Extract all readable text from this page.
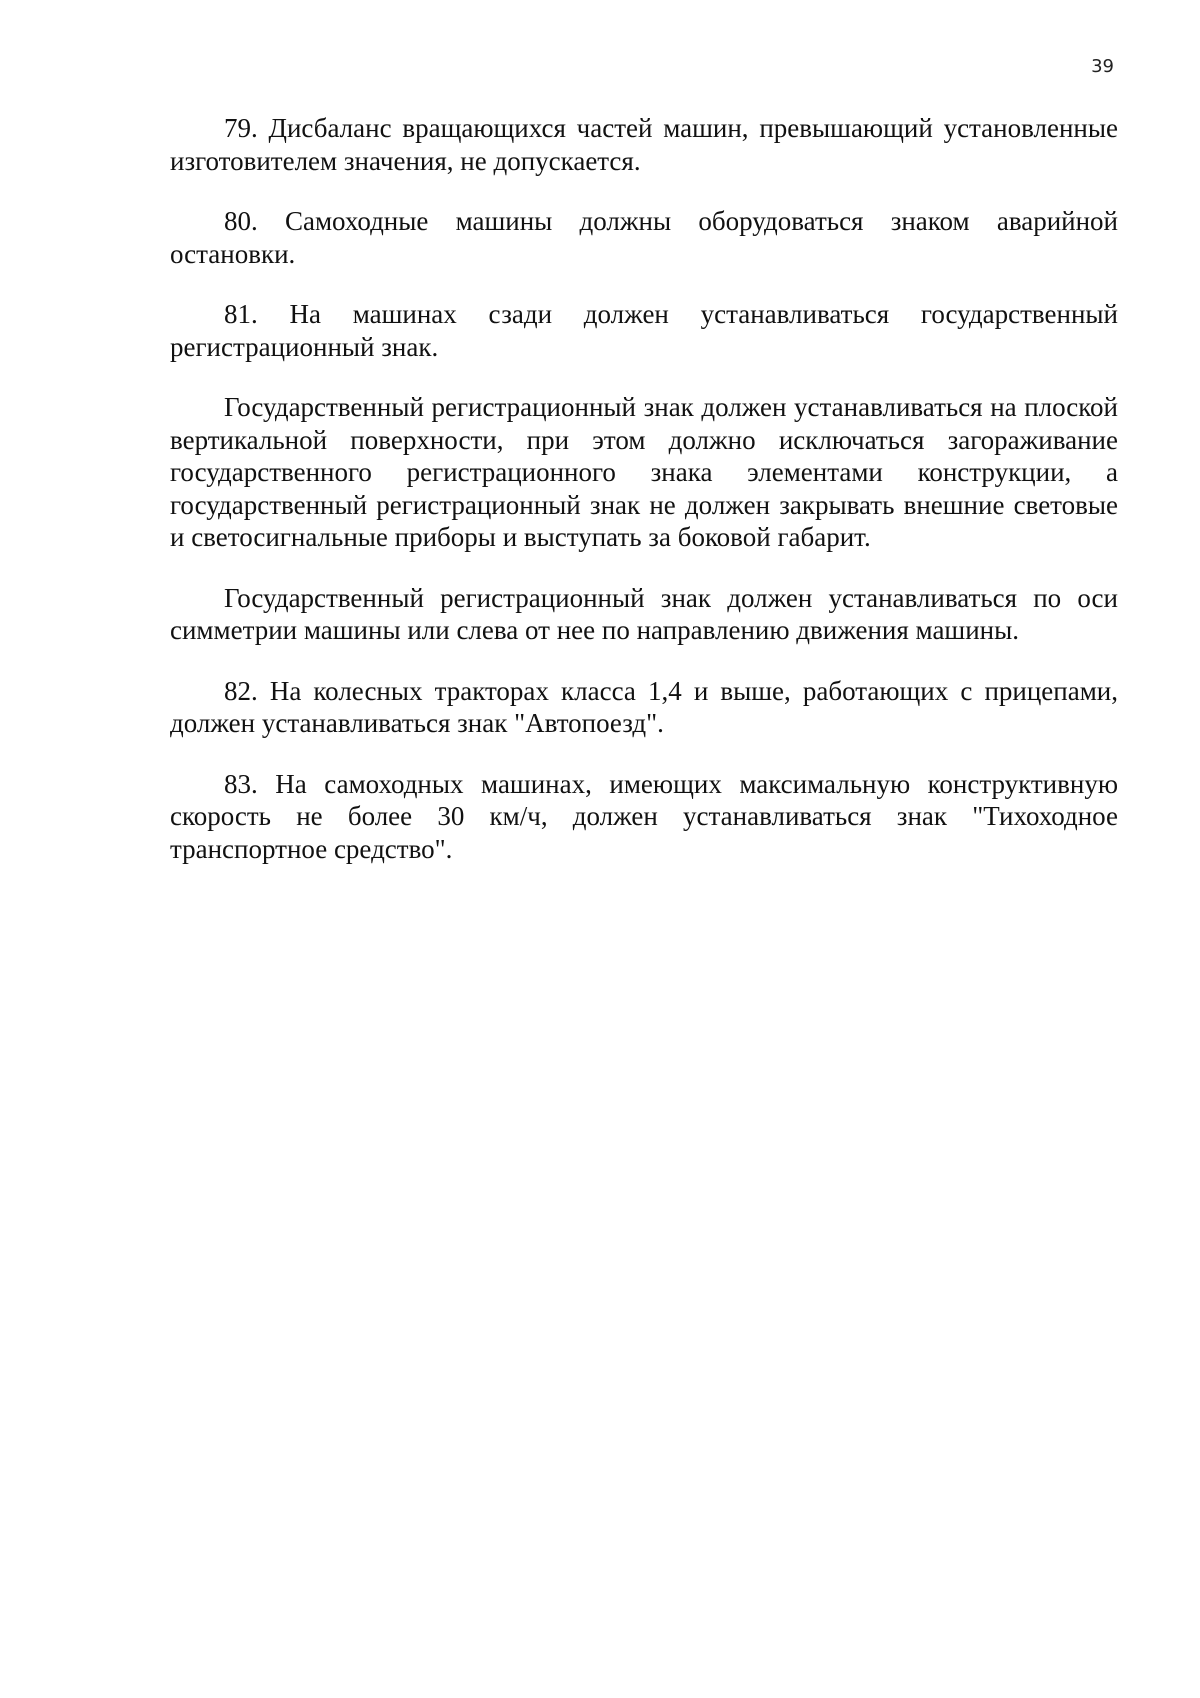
39

79. Дисбаланс вращающихся частей машин, превышающий установленные изготовителем значения, не допускается.

80. Самоходные машины должны оборудоваться знаком аварийной остановки.

81. На машинах сзади должен устанавливаться государственный регистрационный знак.

Государственный регистрационный знак должен устанавливаться на плоской вертикальной поверхности, при этом должно исключаться загораживание государственного регистрационного знака элементами конструкции, а государственный регистрационный знак не должен закрывать внешние световые и светосигнальные приборы и выступать за боковой габарит.

Государственный регистрационный знак должен устанавливаться по оси симметрии машины или слева от нее по направлению движения машины.

82. На колесных тракторах класса 1,4 и выше, работающих с прицепами, должен устанавливаться знак "Автопоезд".

83. На самоходных машинах, имеющих максимальную конструктивную скорость не более 30 км/ч, должен устанавливаться знак "Тихоходное транспортное средство".
